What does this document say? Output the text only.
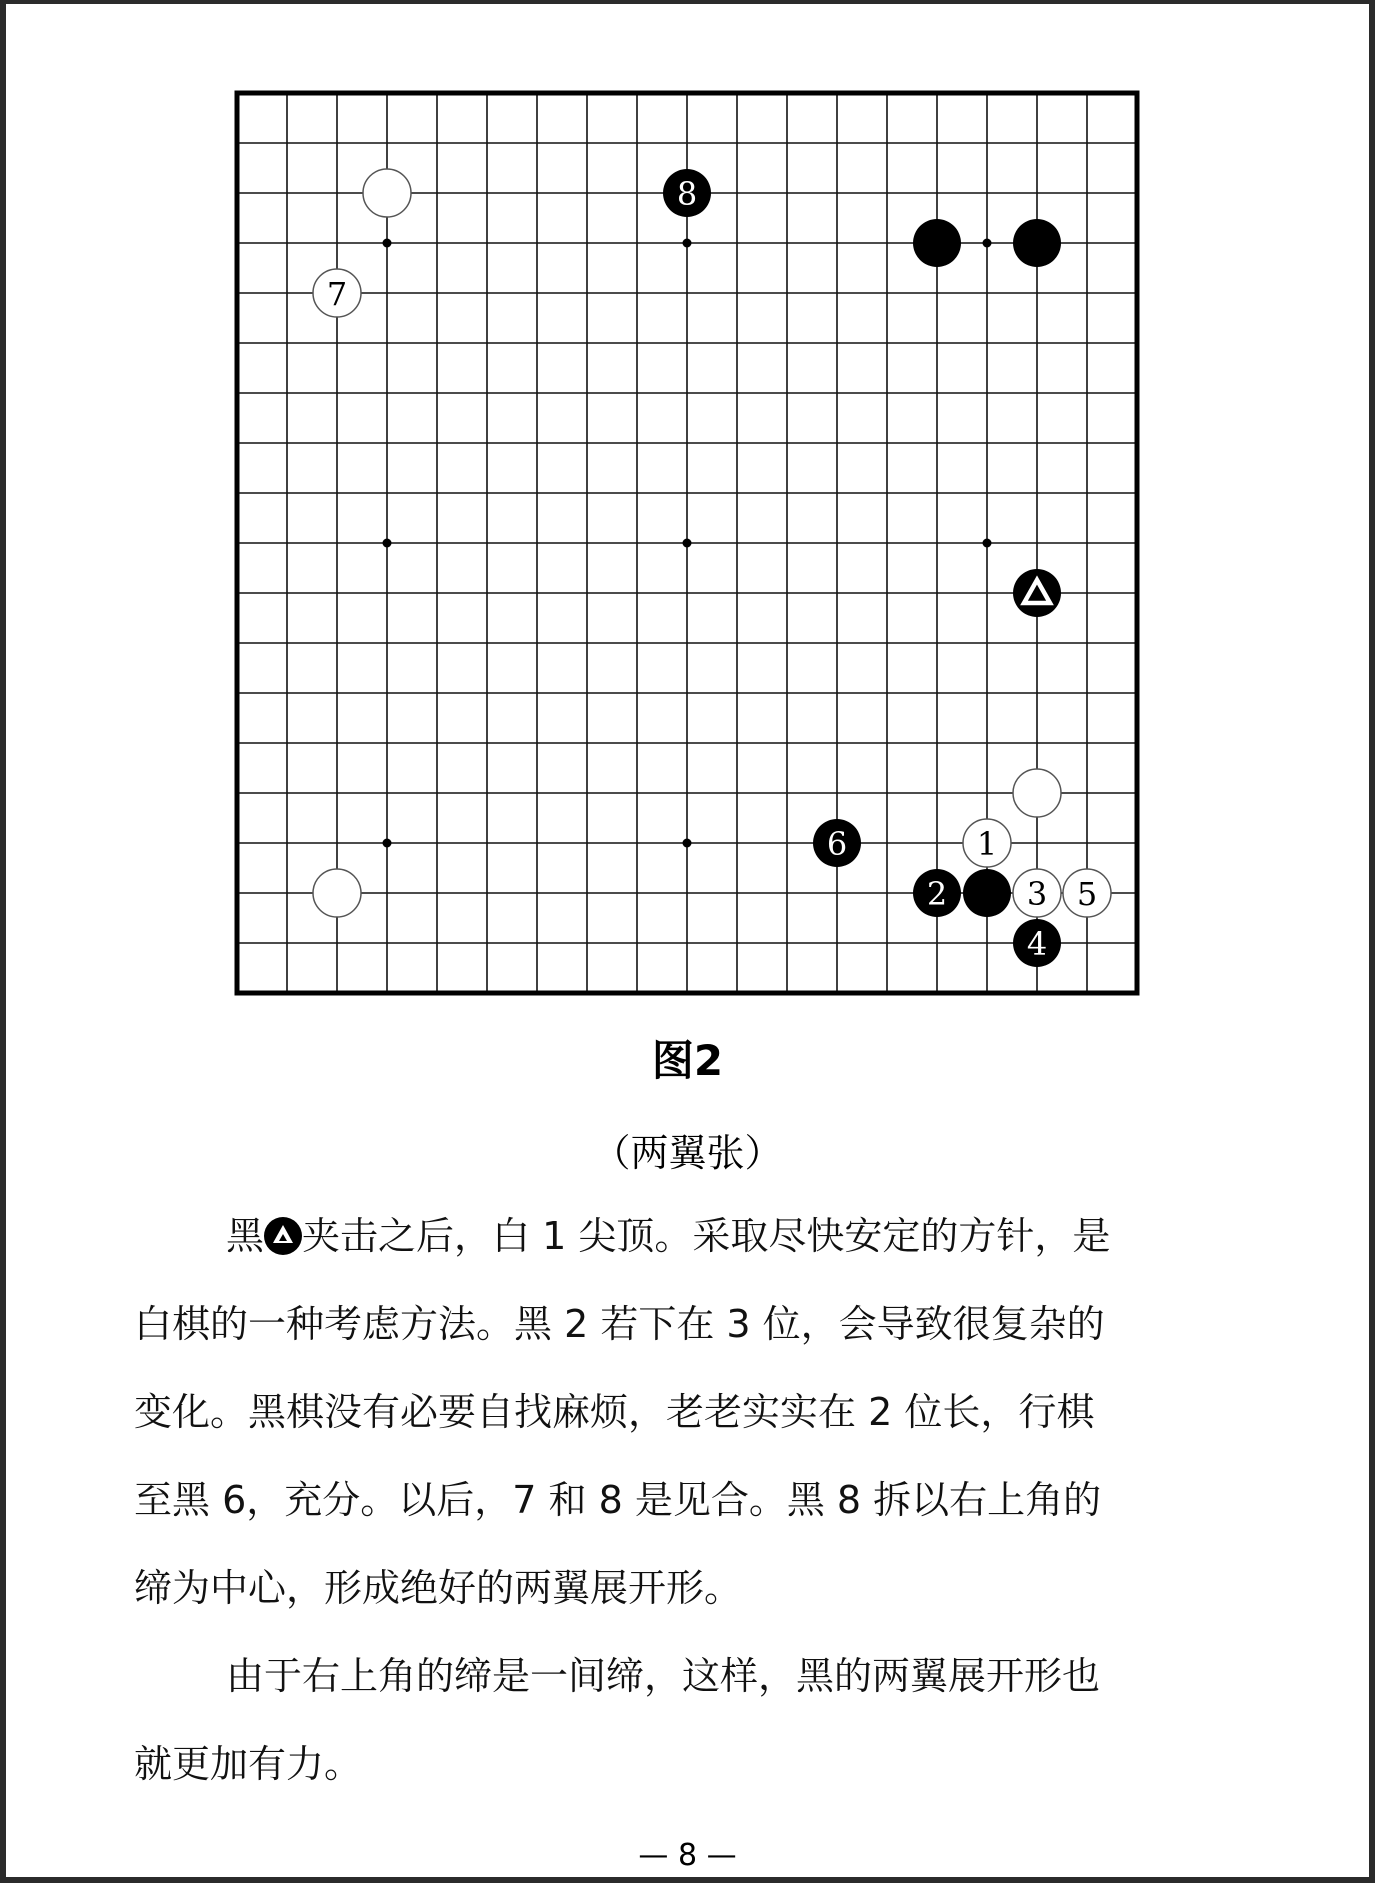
8
7
6	1
2 3 5
4
图2
（两翼张）
黑 夹击之后，白 1 尖顶。采取尽快安定的方针，是
白棋的一种考虑方法。黑 2 若下在 3 位，会导致很复杂的
变化。黑棋没有必要自找麻烦，老老实实在 2 位长，行棋
至黑 6，充分。以后，7 和 8 是见合。黑 8 拆以右上角的
缔为中心，形成绝好的两翼展开形。
由于右上角的缔是一间缔，这样，黑的两翼展开形也
就更加有力。
— 8 —
